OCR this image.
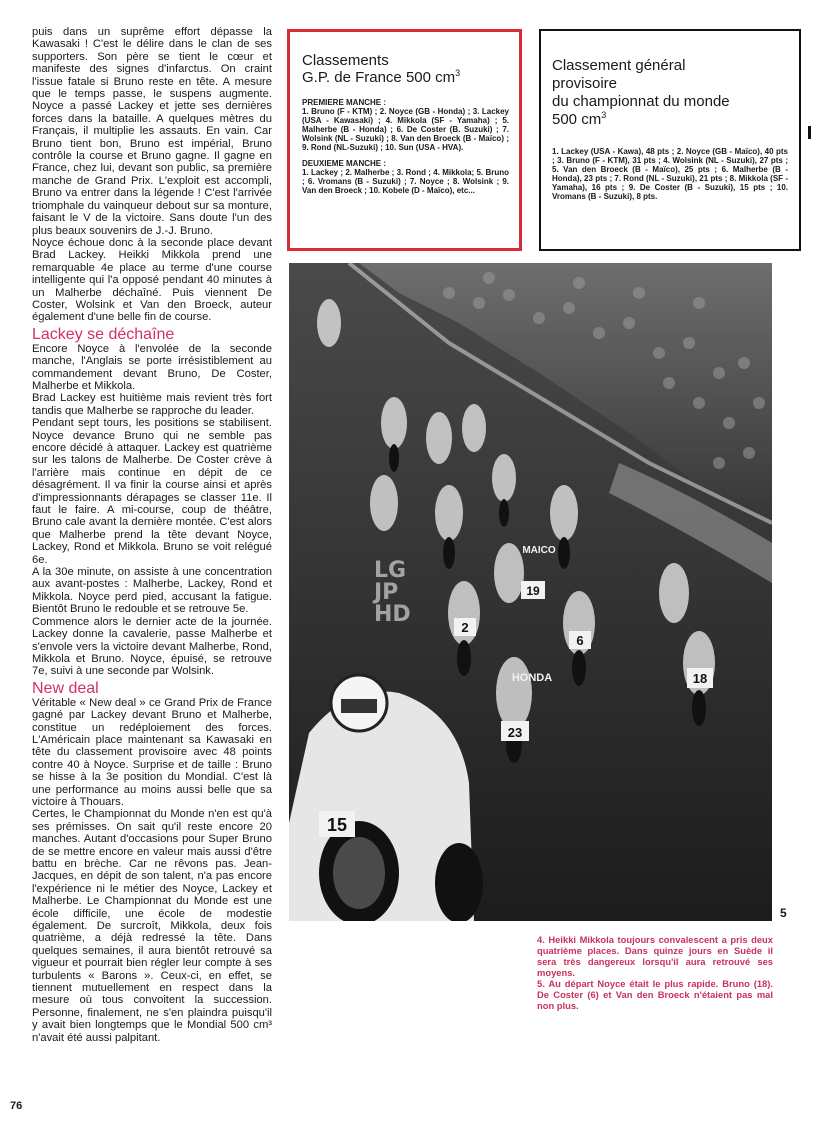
puis dans un suprême effort dépasse la Kawasaki ! C'est le délire dans le clan de ses supporters. Son père se tient le cœur et manifeste des signes d'infarctus. On craint l'issue fatale si Bruno reste en tête. A mesure que le temps passe, le suspens augmente. Noyce a passé Lackey et jette ses dernières forces dans la bataille. A quelques mètres du Français, il multiplie les assauts. En vain. Car Bruno tient bon, Bruno est impérial, Bruno contrôle la course et Bruno gagne. Il gagne en France, chez lui, devant son public, sa première manche de Grand Prix. L'exploit est accompli, Bruno va entrer dans la légende ! C'est l'arrivée triomphale du vainqueur debout sur sa monture, faisant le V de la victoire. Sans doute l'un des plus beaux souvenirs de J.-J. Bruno.

Noyce échoue donc à la seconde place devant Brad Lackey. Heikki Mikkola prend une remarquable 4e place au terme d'une course intelligente qui l'a opposé pendant 40 minutes à un Malherbe déchaîné. Puis viennent De Coster, Wolsink et Van den Broeck, auteur également d'une belle fin de course.

Lackey se déchaîne

Encore Noyce à l'envolée de la seconde manche, l'Anglais se porte irrésistiblement au commandement devant Bruno, De Coster, Malherbe et Mikkola.

Brad Lackey est huitième mais revient très fort tandis que Malherbe se rapproche du leader.

Pendant sept tours, les positions se stabilisent. Noyce devance Bruno qui ne semble pas encore décidé à attaquer. Lackey est quatrième sur les talons de Malherbe. De Coster crève à l'arrière mais continue en dépit de ce désagrément. Il va finir la course ainsi et après d'impressionnants dérapages se classer 11e. Il faut le faire. A mi-course, coup de théâtre, Bruno cale avant la dernière montée. C'est alors que Malherbe prend la tête devant Noyce, Lackey, Rond et Mikkola. Bruno se voit relégué 6e.

A la 30e minute, on assiste à une concentration aux avant-postes : Malherbe, Lackey, Rond et Mikkola. Noyce perd pied, accusant la fatigue. Bientôt Bruno le redouble et se retrouve 5e.

Commence alors le dernier acte de la journée. Lackey donne la cavalerie, passe Malherbe et s'envole vers la victoire devant Malherbe, Rond, Mikkola et Bruno. Noyce, épuisé, se retrouve 7e, suivi à une seconde par Wolsink.

New deal

Véritable « New deal » ce Grand Prix de France gagné par Lackey devant Bruno et Malherbe, constitue un redéploiement des forces. L'Américain place maintenant sa Kawasaki en tête du classement provisoire avec 48 points contre 40 à Noyce. Surprise et de taille : Bruno se hisse à la 3e position du Mondial. C'est là une performance au moins aussi belle que sa victoire à Thouars.

Certes, le Championnat du Monde n'en est qu'à ses prémisses. On sait qu'il reste encore 20 manches. Autant d'occasions pour Super Bruno de se mettre encore en valeur mais aussi d'être battu en brèche. Car ne rêvons pas. Jean-Jacques, en dépit de son talent, n'a pas encore l'expérience ni le métier des Noyce, Lackey et Malherbe. Le Championnat du Monde est une école difficile, une école de modestie également. De surcroît, Mikkola, deux fois quatrième, a déjà redressé la tête. Dans quelques semaines, il aura bientôt retrouvé sa vigueur et pourrait bien régler leur compte à ses turbulents « Barons ». Ceux-ci, en effet, se tiennent mutuellement en respect dans la mesure où tous convoitent la succession. Personne, finalement, ne s'en plaindra puisqu'il y avait bien longtemps que le Mondial 500 cm³ n'avait été aussi palpitant.

Classements
G.P. de France 500 $cm^3$
PREMIERE MANCHE :

1. Bruno (F - KTM) ; 2. Noyce (GB - Honda) ; 3. Lackey (USA - Kawasaki) ; 4. Mikkola (SF - Yamaha) ; 5. Malherbe (B - Honda) ; 6. De Coster (B. Suzuki) ; 7. Wolsink (NL - Suzuki) ; 8. Van den Broeck (B - Maïco) ; 9. Rond (NL-Suzuki) ; 10. Sun (USA - HVA).

DEUXIEME MANCHE :

1. Lackey ; 2. Malherbe ; 3. Rond ; 4. Mikkola; 5. Bruno ; 6. Vromans (B - Suzuki) ; 7. Noyce ; 8. Wolsink ; 9. Van den Broeck ; 10. Kobele (D - Maïco), etc...

Classement général
provisoire
du championnat du monde
500 $cm^3$

1. Lackey (USA - Kawa), 48 pts ; 2. Noyce (GB - Maïco), 40 pts ; 3. Bruno (F - KTM), 31 pts ; 4. Wolsink (NL - Suzuki), 27 pts ; 5. Van den Broeck (B - Maïco), 25 pts ; 6. Malherbe (B - Honda), 23 pts ; 7. Rond (NL - Suzuki), 21 pts ; 8. Mikkola (SF - Yamaha), 16 pts ; 9. De Coster (B - Suzuki), 15 pts ; 10. Vromans (B - Suzuki), 8 pts.

2
6
18
19
23
HONDA
MAICO
15
LG
JP
HD
5

4. Heikki Mikkola toujours convalescent a pris deux quatrième places. Dans quinze jours en Suède il sera très dangereux lorsqu'il aura retrouvé ses moyens.

5. Au départ Noyce était le plus rapide. Bruno (18). De Coster (6) et Van den Broeck n'étaient pas mal non plus.

76
